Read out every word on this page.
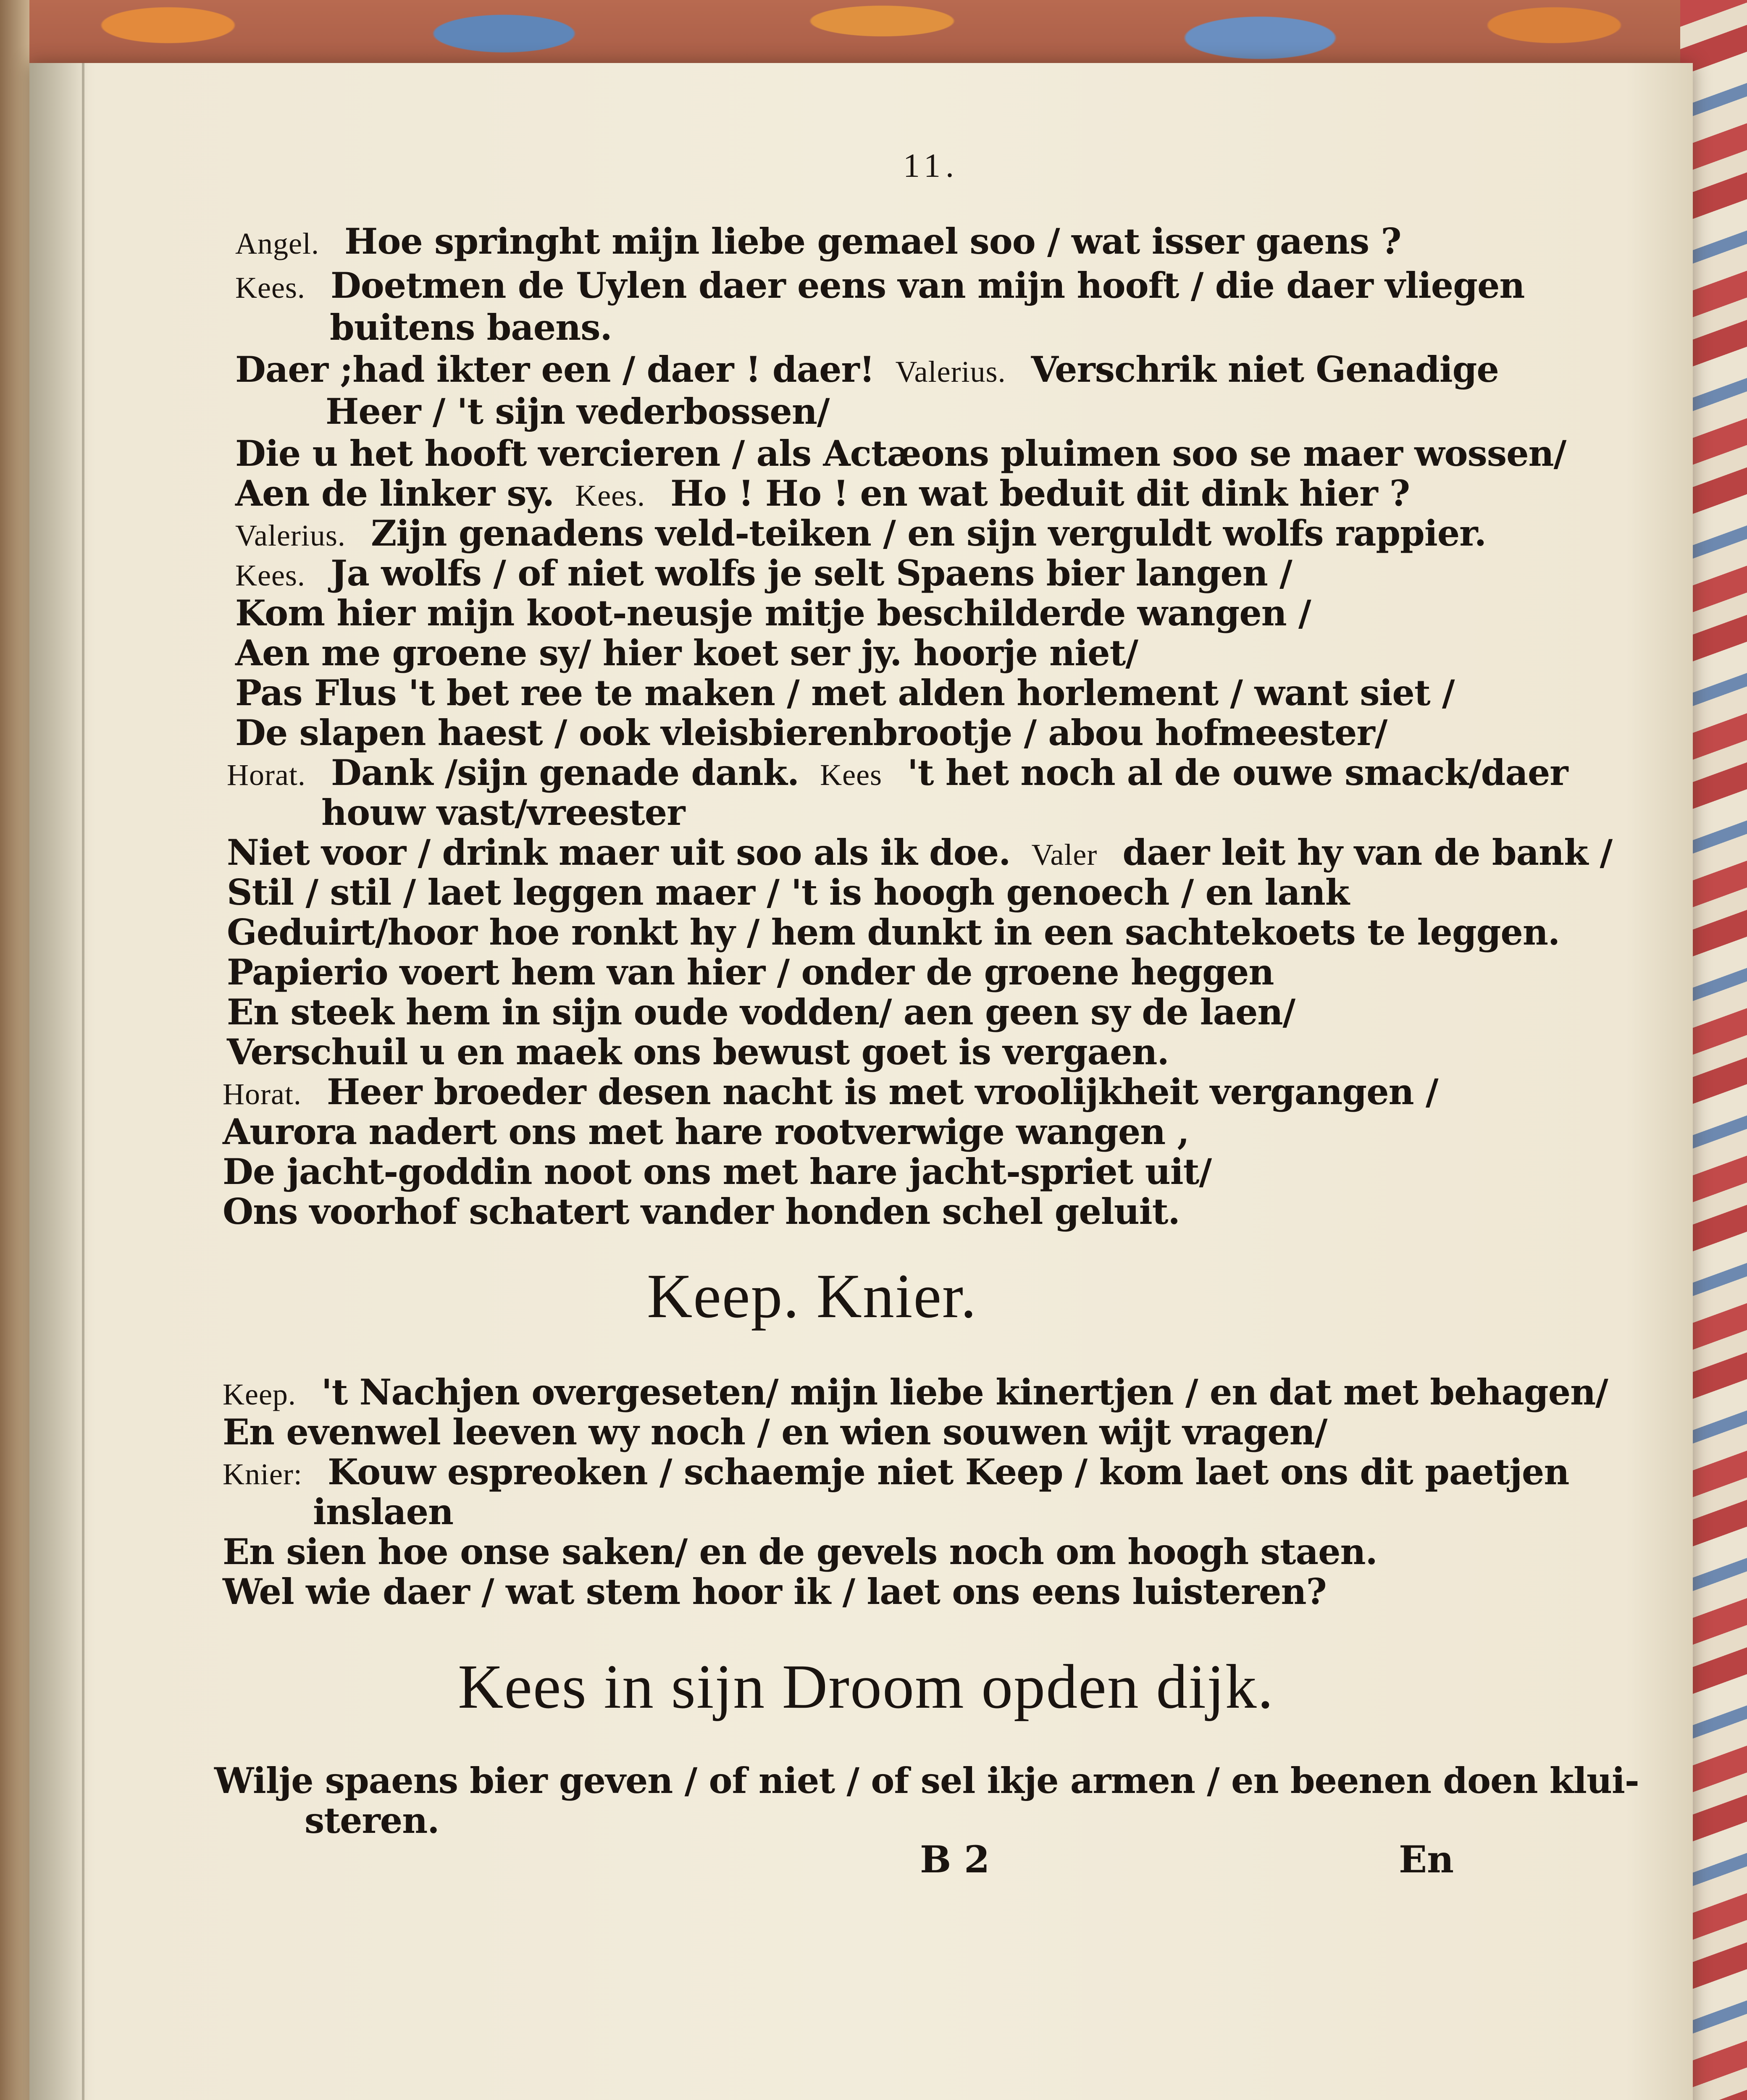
11.
Angel. Hoe springht mijn liebe gemael soo / wat isser gaens ?
Kees. Doetmen de Uylen daer eens van mijn hooft / die daer vliegen
buitens baens.
Daer ;had ikter een / daer ! daer! Valerius. Verschrik niet Genadige
Heer / 't sijn vederbossen/
Die u het hooft vercieren / als Actæons pluimen soo se maer wossen/
Aen de linker sy. Kees. Ho ! Ho ! en wat beduit dit dink hier ?
Valerius. Zijn genadens veld-teiken / en sijn verguldt wolfs rappier.
Kees. Ja wolfs / of niet wolfs je selt Spaens bier langen /
Kom hier mijn koot-neusje mitje beschilderde wangen /
Aen me groene sy/ hier koet ser jy. hoorje niet/
Pas Flus 't bet ree te maken / met alden horlement / want siet /
De slapen haest / ook vleisbierenbrootje / abou hofmeester/
Horat. Dank /sijn genade dank. Kees 't het noch al de ouwe smack/daer
houw vast/vreester
Niet voor / drink maer uit soo als ik doe. Valer daer leit hy van de bank /
Stil / stil / laet leggen maer / 't is hoogh genoech / en lank
Geduirt/hoor hoe ronkt hy / hem dunkt in een sachtekoets te leggen.
Papierio voert hem van hier / onder de groene heggen
En steek hem in sijn oude vodden/ aen geen sy de laen/
Verschuil u en maek ons bewust goet is vergaen.
Horat. Heer broeder desen nacht is met vroolijkheit vergangen /
Aurora nadert ons met hare rootverwige wangen ,
De jacht-goddin noot ons met hare jacht-spriet uit/
Ons voorhof schatert vander honden schel geluit.
Keep. Knier.
Keep. 't Nachjen overgeseten/ mijn liebe kinertjen / en dat met behagen/
En evenwel leeven wy noch / en wien souwen wijt vragen/
Knier: Kouw espreoken / schaemje niet Keep / kom laet ons dit paetjen
inslaen
En sien hoe onse saken/ en de gevels noch om hoogh staen.
Wel wie daer / wat stem hoor ik / laet ons eens luisteren?
Kees in sijn Droom opden dijk.
Wilje spaens bier geven / of niet / of sel ikje armen / en beenen doen klui-
steren.
B 2	En
